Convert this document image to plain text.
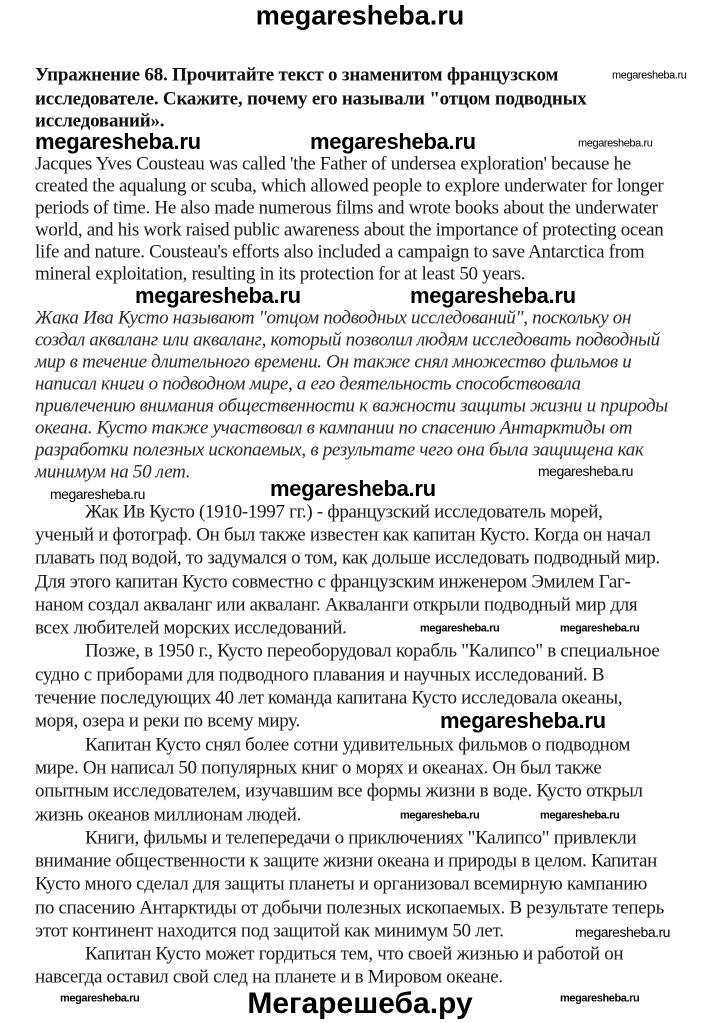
megaresheba.ru
Упражнение 68. Прочитайте текст о знаменитом французском
исследователе. Скажите, почему его называли "отцом подводных
исследований».
megaresheba.ru
megaresheba.ru	megaresheba.ru	megaresheba.ru
Jacques Yves Cousteau was called 'the Father of undersea exploration' because he
created the aqualung or scuba, which allowed people to explore underwater for longer
periods of time. He also made numerous films and wrote books about the underwater
world, and his work raised public awareness about the importance of protecting ocean
life and nature. Cousteau's efforts also included a campaign to save Antarctica from
mineral exploitation, resulting in its protection for at least 50 years.
megaresheba.ru	megaresheba.ru
Жака Ива Кусто называют "отцом подводных исследований", поскольку он
создал акваланг или акваланг, который позволил людям исследовать подводный
мир в течение длительного времени. Он также снял множество фильмов и
написал книги о подводном мире, а его деятельность способствовала
привлечению внимания общественности к важности защиты жизни и природы
океана. Кусто также участвовал в кампании по спасению Антарктиды от
разработки полезных ископаемых, в результате чего она была защищена как
минимум на 50 лет.	megaresheba.ru
megaresheba.ru	megaresheba.ru
Жак Ив Кусто (1910-1997 гг.) - французский исследователь морей,
ученый и фотограф. Он был также известен как капитан Кусто. Когда он начал
плавать под водой, то задумался о том, как дольше исследовать подводный мир.
Для этого капитан Кусто совместно с французским инженером Эмилем Гаг-
наном создал акваланг или акваланг. Акваланги открыли подводный мир для
всех любителей морских исследований.	megaresheba.ru	megaresheba.ru
Позже, в 1950 г., Кусто переоборудовал корабль "Калипсо" в специальное
судно с приборами для подводного плавания и научных исследований. В
течение последующих 40 лет команда капитана Кусто исследовала океаны,
моря, озера и реки по всему миру.	megaresheba.ru
Капитан Кусто снял более сотни удивительных фильмов о подводном
мире. Он написал 50 популярных книг о морях и океанах. Он был также
опытным исследователем, изучавшим все формы жизни в воде. Кусто открыл
жизнь океанов миллионам людей.	megaresheba.ru	megaresheba.ru
Книги, фильмы и телепередачи о приключениях "Калипсо" привлекли
внимание общественности к защите жизни океана и природы в целом. Капитан
Кусто много сделал для защиты планеты и организовал всемирную кампанию
по спасению Антарктиды от добычи полезных ископаемых. В результате теперь
этот континент находится под защитой как минимум 50 лет.	megaresheba.ru
Капитан Кусто может гордиться тем, что своей жизнью и работой он
навсегда оставил свой след на планете и в Мировом океане.
megaresheba.ru	megaresheba.ru
Мегарешеба.ру
